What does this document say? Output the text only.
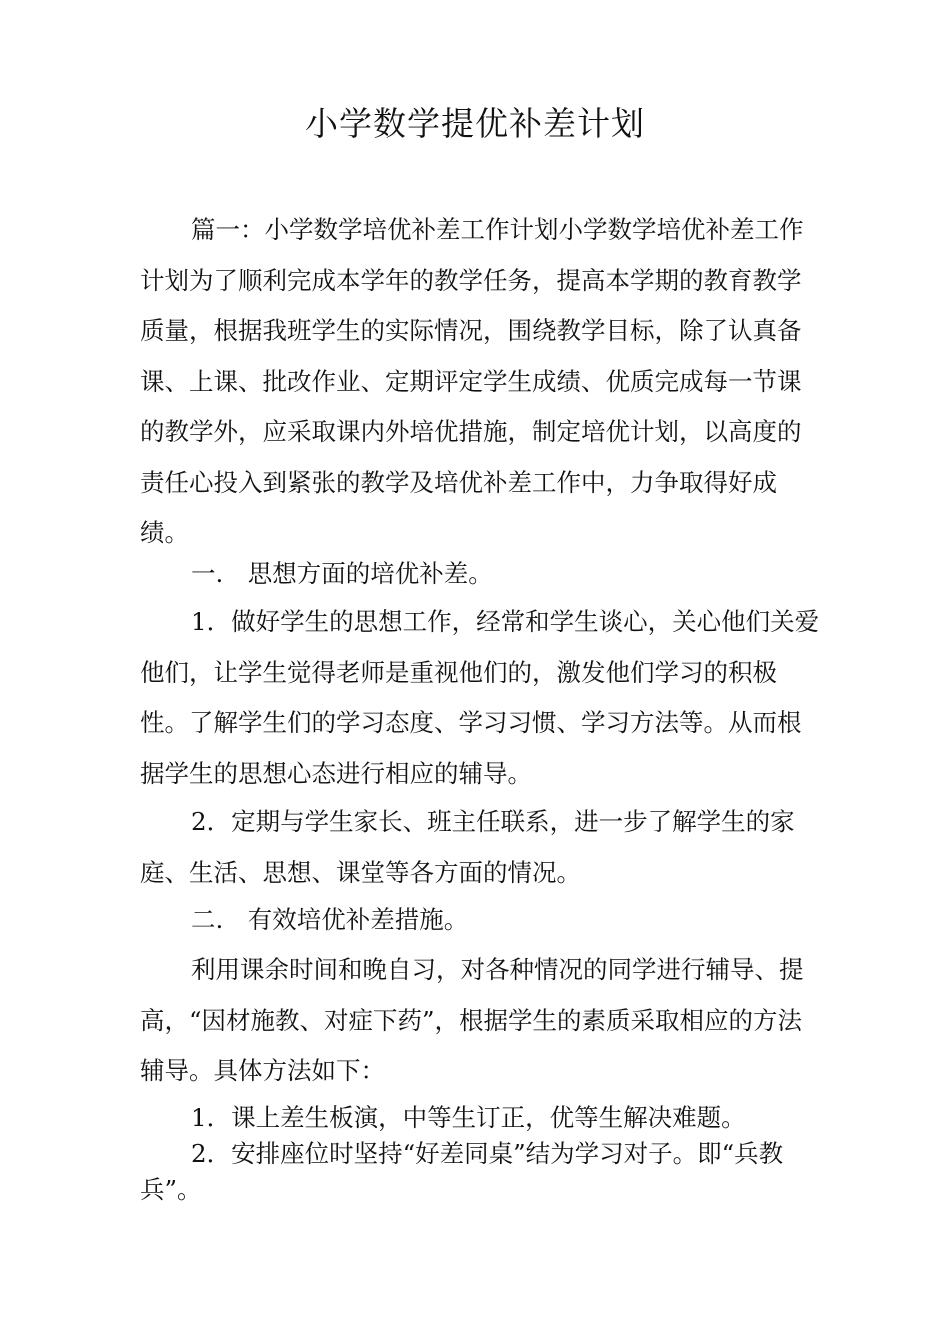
小学数学提优补差计划

篇一：小学数学培优补差工作计划小学数学培优补差工作计划为了顺利完成本学年的教学任务，提高本学期的教育教学质量，根据我班学生的实际情况，围绕教学目标，除了认真备课、上课、批改作业、定期评定学生成绩、优质完成每一节课的教学外，应采取课内外培优措施，制定培优计划，以高度的责任心投入到紧张的教学及培优补差工作中，力争取得好成绩。

一.　思想方面的培优补差。

1．做好学生的思想工作，经常和学生谈心，关心他们关爱他们，让学生觉得老师是重视他们的，激发他们学习的积极性。了解学生们的学习态度、学习习惯、学习方法等。从而根据学生的思想心态进行相应的辅导。

2．定期与学生家长、班主任联系，进一步了解学生的家庭、生活、思想、课堂等各方面的情况。

二.　有效培优补差措施。

利用课余时间和晚自习，对各种情况的同学进行辅导、提高，“因材施教、对症下药”，根据学生的素质采取相应的方法辅导。具体方法如下：

1．课上差生板演，中等生订正，优等生解决难题。

2．安排座位时坚持“好差同桌”结为学习对子。即“兵教兵”。
